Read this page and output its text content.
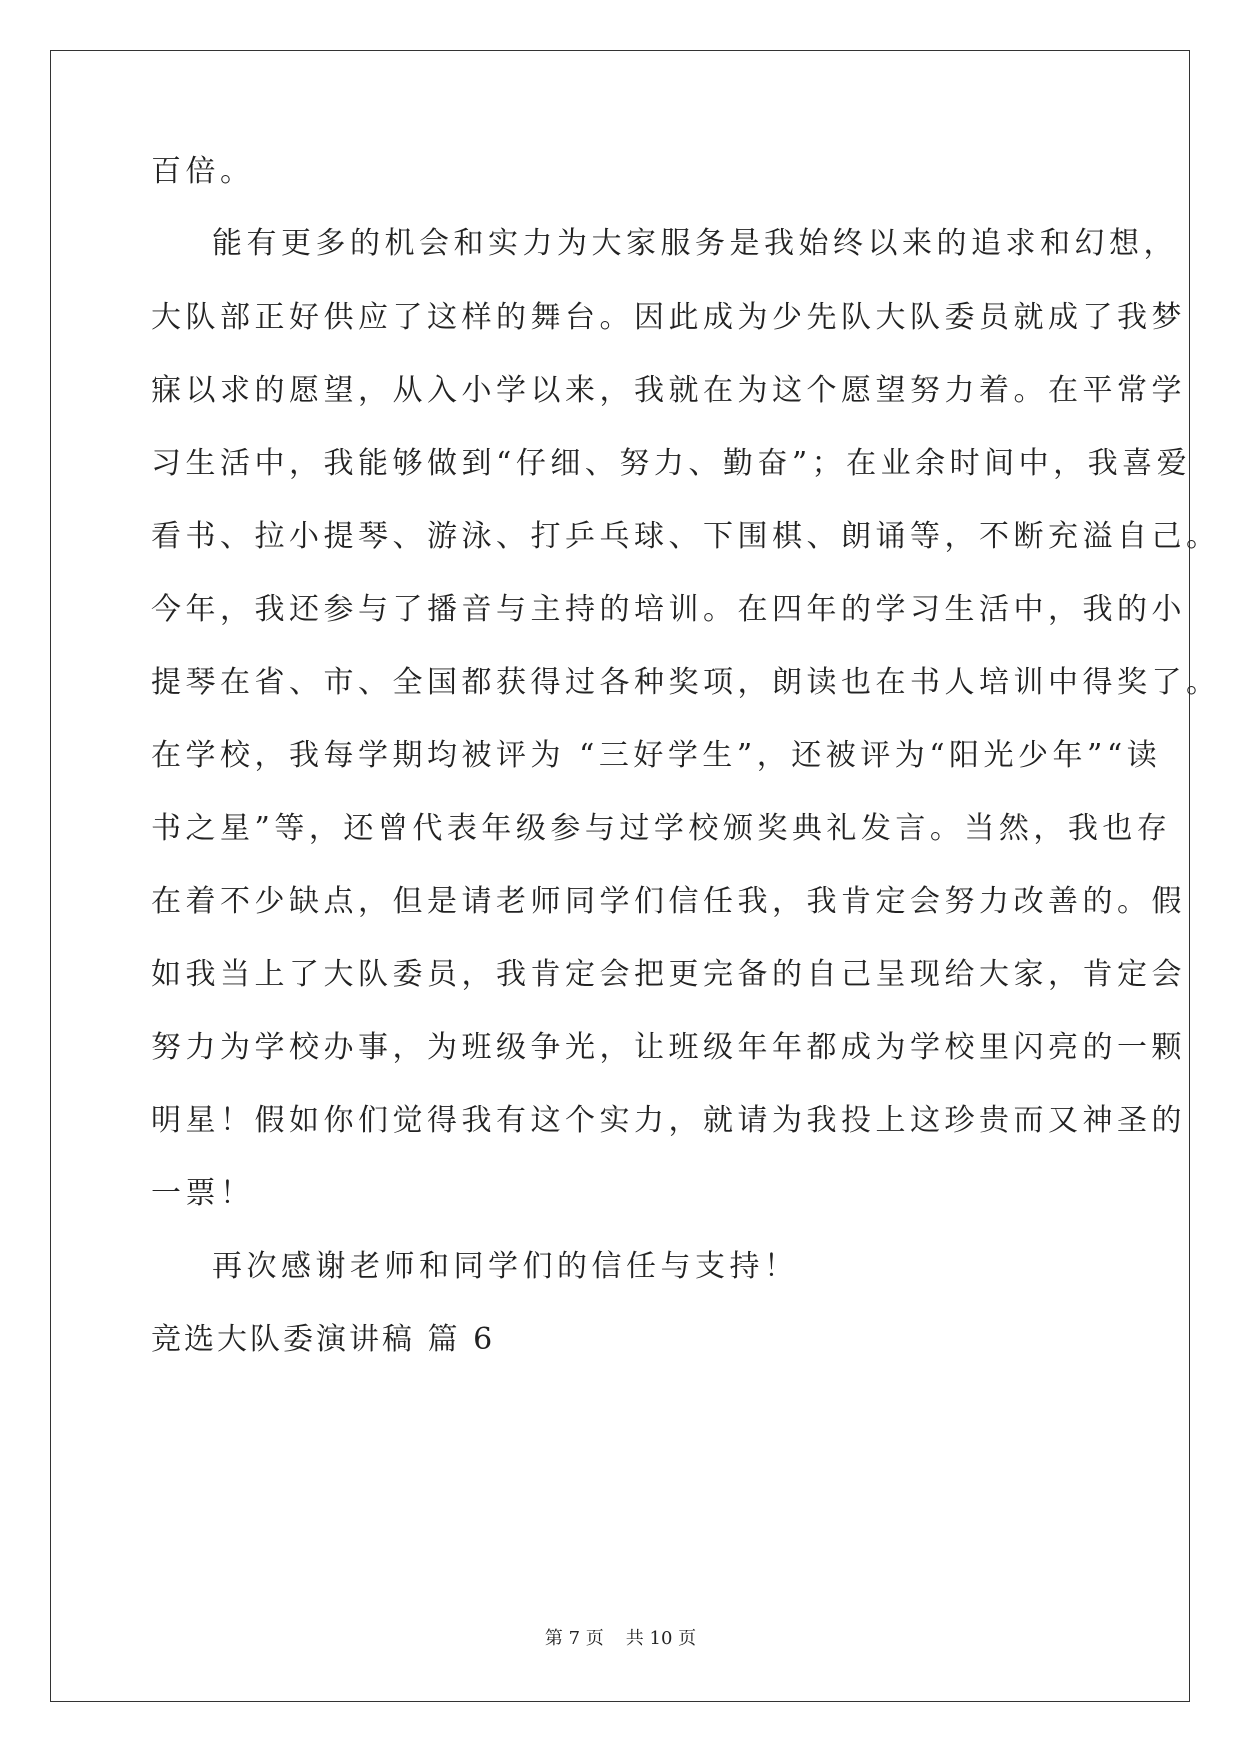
百倍。
能有更多的机会和实力为大家服务是我始终以来的追求和幻想，
大队部正好供应了这样的舞台。因此成为少先队大队委员就成了我梦
寐以求的愿望，从入小学以来，我就在为这个愿望努力着。在平常学
习生活中，我能够做到“仔细、努力、勤奋”；在业余时间中，我喜爱
看书、拉小提琴、游泳、打乒乓球、下围棋、朗诵等，不断充溢自己。
今年，我还参与了播音与主持的培训。在四年的学习生活中，我的小
提琴在省、市、全国都获得过各种奖项，朗读也在书人培训中得奖了。
在学校，我每学期均被评为 “三好学生”，还被评为“阳光少年”“读
书之星”等，还曾代表年级参与过学校颁奖典礼发言。当然，我也存
在着不少缺点，但是请老师同学们信任我，我肯定会努力改善的。假
如我当上了大队委员，我肯定会把更完备的自己呈现给大家，肯定会
努力为学校办事，为班级争光，让班级年年都成为学校里闪亮的一颗
明星！假如你们觉得我有这个实力，就请为我投上这珍贵而又神圣的
一票！
再次感谢老师和同学们的信任与支持！
竞选大队委演讲稿 篇 6
第 7 页 共 10 页
